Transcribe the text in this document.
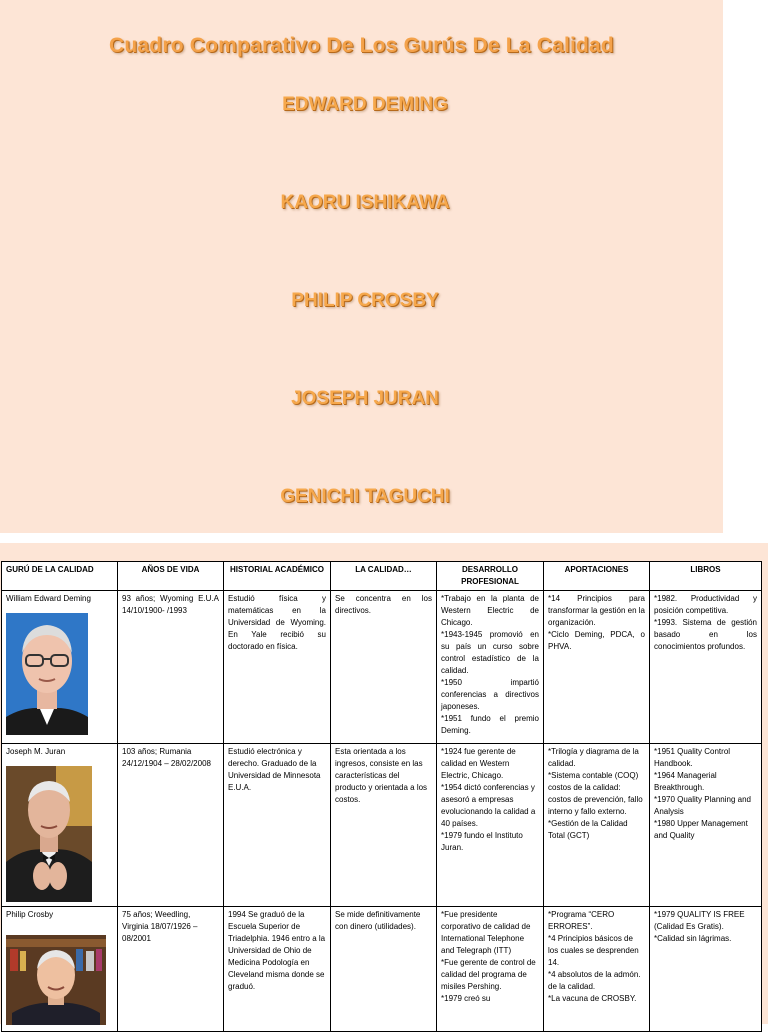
Cuadro Comparativo De Los Gurús De La Calidad
EDWARD DEMING
KAORU ISHIKAWA
PHILIP CROSBY
JOSEPH JURAN
GENICHI TAGUCHI
GURÚ DE LA CALIDAD	AÑOS DE VIDA	HISTORIAL ACADÉMICO	LA CALIDAD…	DESARROLLO PROFESIONAL	APORTACIONES	LIBROS

William Edward Deming	93 años; Wyoming E.U.A 14/10/1900- /1993	Estudió física y matemáticas en la Universidad de Wyoming. En Yale recibió su doctorado en física.	Se concentra en los directivos.	*Trabajo en la planta de Western Electric de Chicago.
*1943-1945 promovió en su país un curso sobre control estadístico de la calidad.
*1950 impartió conferencias a directivos japoneses.
*1951 fundo el premio Deming.	*14 Principios para transformar la gestión en la organización.
*Ciclo Deming, PDCA, o PHVA.	*1982. Productividad y posición competitiva.
*1993. Sistema de gestión basado en los conocimientos profundos.

Joseph M. Juran	103 años; Rumania 24/12/1904 – 28/02/2008	Estudió electrónica y derecho. Graduado de la Universidad de Minnesota E.U.A.	Esta orientada a los ingresos, consiste en las características del producto y orientada a los costos.	*1924 fue gerente de calidad en Western Electric, Chicago.
*1954 dictó conferencias y asesoró a empresas evolucionando la calidad a 40 países.
*1979 fundo el Instituto Juran.	*Trilogía y diagrama de la calidad.
*Sistema contable (COQ) costos de la calidad: costos de prevención, fallo interno y fallo externo.
*Gestión de la Calidad Total (GCT)	*1951 Quality Control Handbook.
*1964 Managerial Breakthrough.
*1970 Quality Planning and Analysis
*1980 Upper Management and Quality

Philip Crosby	75 años; Weedling, Virginia 18/07/1926 – 08/2001	1994 Se graduó de la Escuela Superior de Triadelphia. 1946 entro a la Universidad de Ohio de Medicina Podología en Cleveland misma donde se graduó.	Se mide definitivamente con dinero (utilidades).	*Fue presidente corporativo de calidad de International Telephone and Telegraph (ITT)
*Fue gerente de control de calidad del programa de misiles Pershing.
*1979 creó su	*Programa “CERO ERRORES”.
*4 Principios básicos de los cuales se desprenden 14.
*4 absolutos de la admón. de la calidad.
*La vacuna de CROSBY.	*1979 QUALITY IS FREE (Calidad Es Gratis).
*Calidad sin lágrimas.
